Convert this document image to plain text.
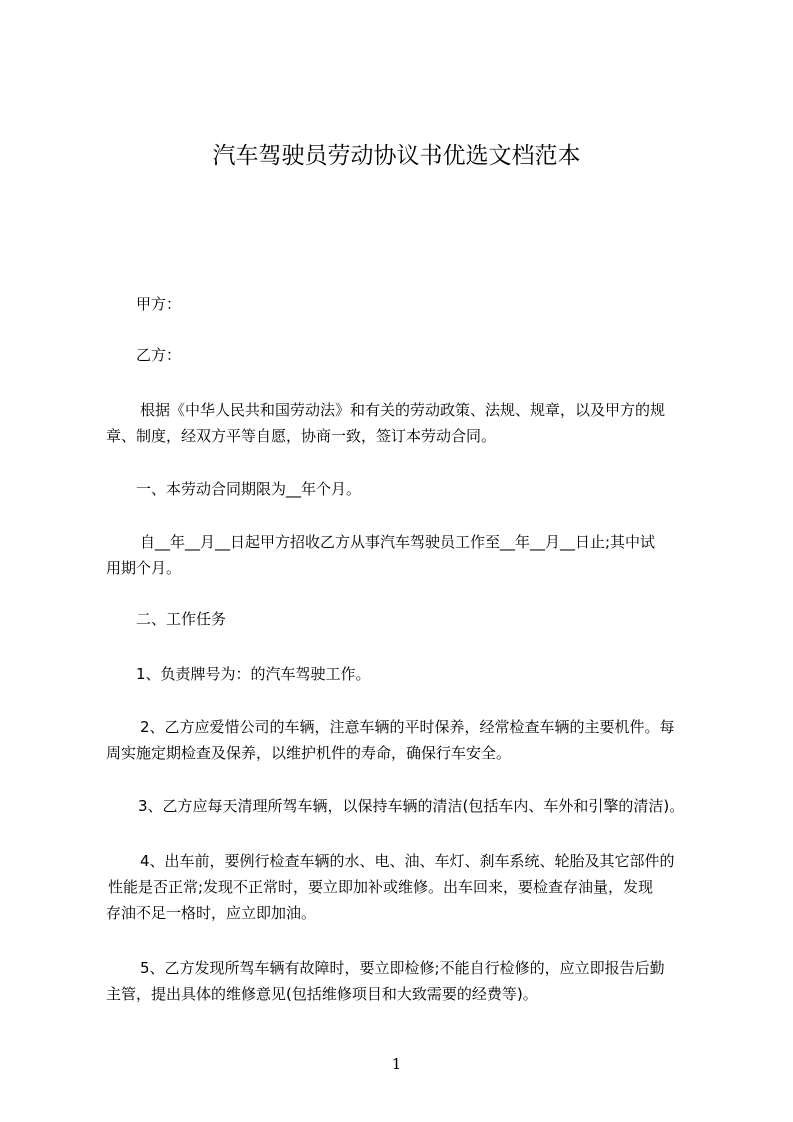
汽车驾驶员劳动协议书优选文档范本
甲方：
乙方：
根据《中华人民共和国劳动法》和有关的劳动政策、法规、规章，以及甲方的规
章、制度，经双方平等自愿，协商一致，签订本劳动合同。
一、本劳动合同期限为__年个月。
自__年__月__日起甲方招收乙方从事汽车驾驶员工作至__年__月__日止;其中试
用期个月。
二、工作任务
1、负责牌号为：的汽车驾驶工作。
2、乙方应爱惜公司的车辆，注意车辆的平时保养，经常检查车辆的主要机件。每
周实施定期检查及保养，以维护机件的寿命，确保行车安全。
3、乙方应每天清理所驾车辆，以保持车辆的清洁(包括车内、车外和引擎的清洁)。
4、出车前，要例行检查车辆的水、电、油、车灯、刹车系统、轮胎及其它部件的
性能是否正常;发现不正常时，要立即加补或维修。出车回来，要检查存油量，发现
存油不足一格时，应立即加油。
5、乙方发现所驾车辆有故障时，要立即检修;不能自行检修的，应立即报告后勤
主管，提出具体的维修意见(包括维修项目和大致需要的经费等)。
1
